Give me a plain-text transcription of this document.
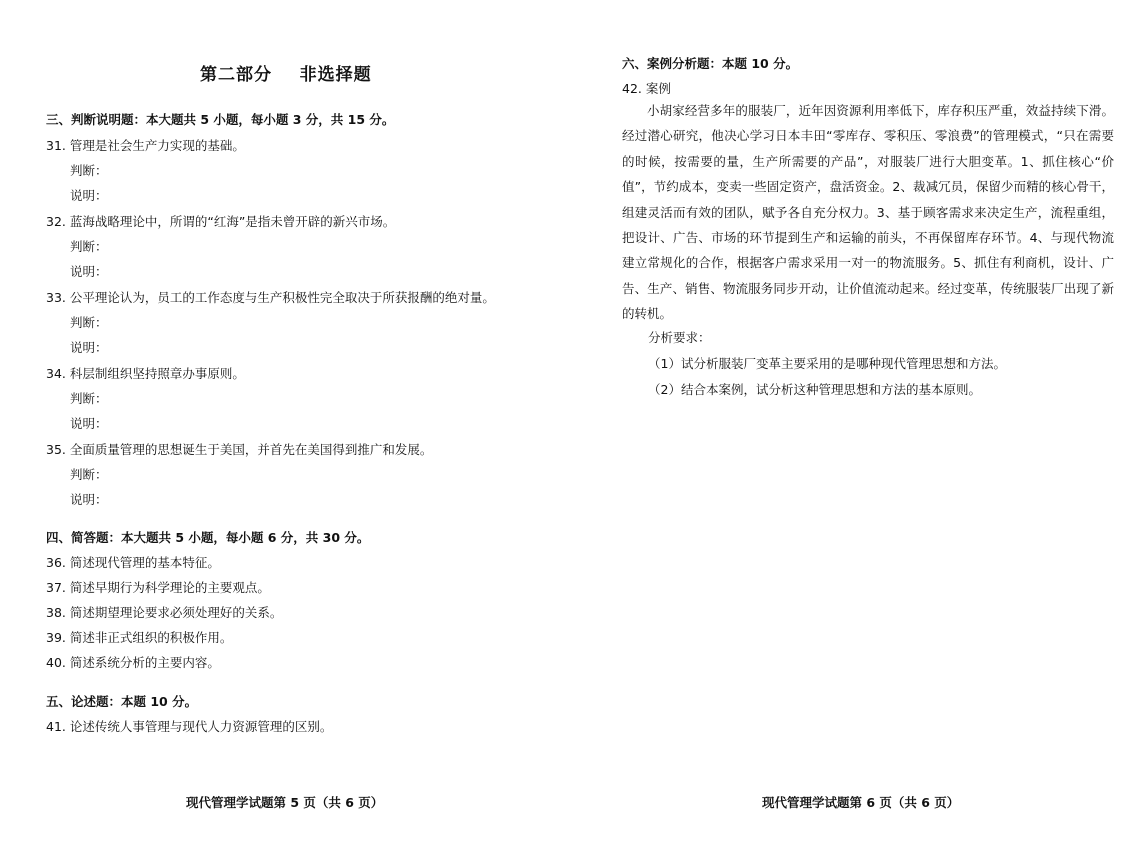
第二部分    非选择题
三、判断说明题：本大题共 5 小题，每小题 3 分，共 15 分。
31. 管理是社会生产力实现的基础。
判断：
说明：
32. 蓝海战略理论中，所谓的“红海”是指未曾开辟的新兴市场。
判断：
说明：
33. 公平理论认为，员工的工作态度与生产积极性完全取决于所获报酬的绝对量。
判断：
说明：
34. 科层制组织坚持照章办事原则。
判断：
说明：
35. 全面质量管理的思想诞生于美国，并首先在美国得到推广和发展。
判断：
说明：
四、简答题：本大题共 5 小题，每小题 6 分，共 30 分。
36. 简述现代管理的基本特征。
37. 简述早期行为科学理论的主要观点。
38. 简述期望理论要求必须处理好的关系。
39. 简述非正式组织的积极作用。
40. 简述系统分析的主要内容。
五、论述题：本题 10 分。
41. 论述传统人事管理与现代人力资源管理的区别。
现代管理学试题第 5 页（共 6 页）
六、案例分析题：本题 10 分。
42. 案例

小胡家经营多年的服装厂，近年因资源利用率低下，库存积压严重，效益持续下滑。经过潜心研究，他决心学习日本丰田“零库存、零积压、零浪费”的管理模式，“只在需要的时候，按需要的量，生产所需要的产品”，对服装厂进行大胆变革。1、抓住核心“价值”，节约成本，变卖一些固定资产，盘活资金。2、裁减冗员，保留少而精的核心骨干，组建灵活而有效的团队，赋予各自充分权力。3、基于顾客需求来决定生产，流程重组，把设计、广告、市场的环节提到生产和运输的前头，不再保留库存环节。4、与现代物流建立常规化的合作，根据客户需求采用一对一的物流服务。5、抓住有利商机，设计、广告、生产、销售、物流服务同步开动，让价值流动起来。经过变革，传统服装厂出现了新的转机。

分析要求：
（1）试分析服装厂变革主要采用的是哪种现代管理思想和方法。
（2）结合本案例，试分析这种管理思想和方法的基本原则。
现代管理学试题第 6 页（共 6 页）
